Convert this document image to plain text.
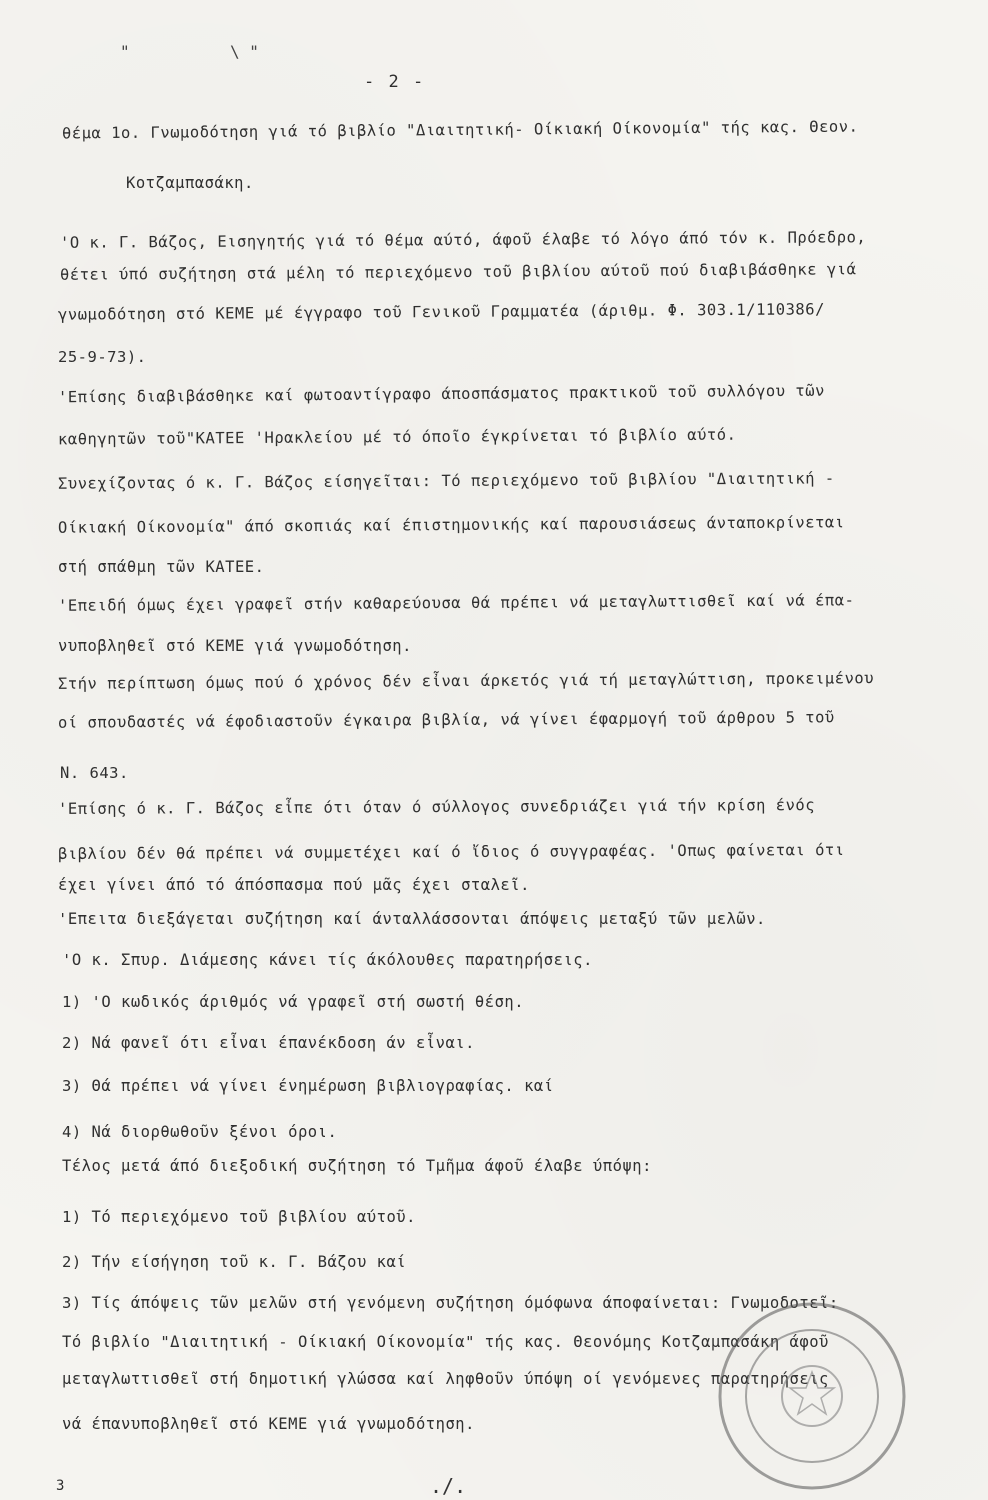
"	\ "
- 2 -
θέμα 1ο. Γνωμοδότηση γιά τό βιβλίο "Διαιτητική- Οίκιακή Οίκονομία" τής κας. Θεον.
Κοτζαμπασάκη.
'Ο κ. Γ. Βάζος, Εισηγητής γιά τό θέμα αύτό, άφοῦ έλαβε τό λόγο άπό τόν κ. Πρόεδρο,
θέτει ύπό συζήτηση στά μέλη τό περιεχόμενο τοῦ βιβλίου αύτοῦ πού διαβιβάσθηκε γιά
γνωμοδότηση στό ΚΕΜΕ μέ έγγραφο τοῦ Γενικοῦ Γραμματέα (άριθμ. Φ. 303.1/110386/
25-9-73).
'Επίσης διαβιβάσθηκε καί φωτοαντίγραφο άποσπάσματος πρακτικοῦ τοῦ συλλόγου τῶν
καθηγητῶν τοῦ"ΚΑΤΕΕ 'Ηρακλείου μέ τό όποῖο έγκρίνεται τό βιβλίο αύτό.
Συνεχίζοντας ό κ. Γ. Βάζος είσηγεῖται: Τό περιεχόμενο τοῦ βιβλίου "Διαιτητική -
Οίκιακή Οίκονομία" άπό σκοπιάς καί έπιστημονικής καί παρουσιάσεως άνταποκρίνεται
στή σπάθμη τῶν ΚΑΤΕΕ.
'Επειδή όμως έχει γραφεῖ στήν καθαρεύουσα θά πρέπει νά μεταγλωττισθεῖ καί νά έπα-
νυποβληθεῖ στό ΚΕΜΕ γιά γνωμοδότηση.
Στήν περίπτωση όμως πού ό χρόνος δέν εἶναι άρκετός γιά τή μεταγλώττιση, προκειμένου
οί σπουδαστές νά έφοδιαστοῦν έγκαιρα βιβλία, νά γίνει έφαρμογή τοῦ άρθρου 5 τοῦ
Ν. 643.
'Επίσης ό κ. Γ. Βάζος εἶπε ότι όταν ό σύλλογος συνεδριάζει γιά τήν κρίση ένός
βιβλίου δέν θά πρέπει νά συμμετέχει καί ό ἴδιος ό συγγραφέας. 'Οπως φαίνεται ότι
έχει γίνει άπό τό άπόσπασμα πού μᾶς έχει σταλεῖ.
'Επειτα διεξάγεται συζήτηση καί άνταλλάσσονται άπόψεις μεταξύ τῶν μελῶν.
'Ο κ. Σπυρ. Διάμεσης κάνει τίς άκόλουθες παρατηρήσεις.
1) 'Ο κωδικός άριθμός νά γραφεῖ στή σωστή θέση.
2) Νά φανεῖ ότι εἶναι έπανέκδοση άν εἶναι.
3) Θά πρέπει νά γίνει ένημέρωση βιβλιογραφίας. καί
4) Νά διορθωθοῦν ξένοι όροι.
Τέλος μετά άπό διεξοδική συζήτηση τό Τμῆμα άφοῦ έλαβε ύπόψη:
1) Τό περιεχόμενο τοῦ βιβλίου αύτοῦ.
2) Τήν είσήγηση τοῦ κ. Γ. Βάζου καί
3) Τίς άπόψεις τῶν μελῶν στή γενόμενη συζήτηση όμόφωνα άποφαίνεται: Γνωμοδοτεῖ:
Τό βιβλίο "Διαιτητική - Οίκιακή Οίκονομία" τής κας. Θεονόμης Κοτζαμπασάκη άφοῦ
μεταγλωττισθεῖ στή δημοτική γλώσσα καί ληφθοῦν ύπόψη οί γενόμενες παρατηρήσεις
νά έπανυποβληθεῖ στό ΚΕΜΕ γιά γνωμοδότηση.
./.
3
